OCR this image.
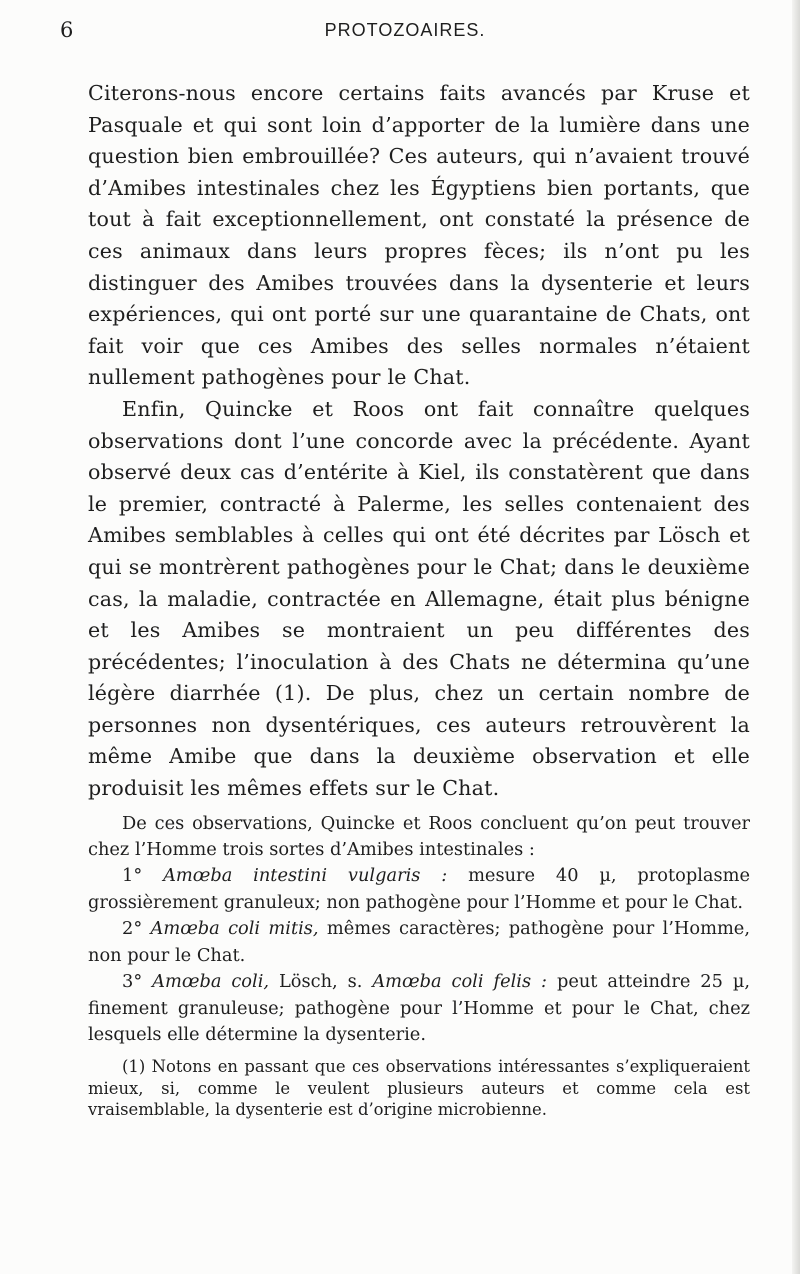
6	PROTOZOAIRES.

Citerons-nous encore certains faits avancés par Kruse et Pasquale et qui sont loin d’apporter de la lumière dans une question bien embrouillée? Ces auteurs, qui n’avaient trouvé d’Amibes intestinales chez les Égyptiens bien portants, que tout à fait exceptionnellement, ont constaté la présence de ces animaux dans leurs propres fèces; ils n’ont pu les distinguer des Amibes trouvées dans la dysenterie et leurs expériences, qui ont porté sur une quarantaine de Chats, ont fait voir que ces Amibes des selles normales n’étaient nullement pathogènes pour le Chat.

Enfin, Quincke et Roos ont fait connaître quelques observations dont l’une concorde avec la précédente. Ayant observé deux cas d’entérite à Kiel, ils constatèrent que dans le premier, contracté à Palerme, les selles contenaient des Amibes semblables à celles qui ont été décrites par Lösch et qui se montrèrent pathogènes pour le Chat; dans le deuxième cas, la maladie, contractée en Allemagne, était plus bénigne et les Amibes se montraient un peu différentes des précédentes; l’inoculation à des Chats ne détermina qu’une légère diarrhée (1). De plus, chez un certain nombre de personnes non dysentériques, ces auteurs retrouvèrent la même Amibe que dans la deuxième observation et elle produisit les mêmes effets sur le Chat.

De ces observations, Quincke et Roos concluent qu’on peut trouver chez l’Homme trois sortes d’Amibes intestinales :

1° Amœba intestini vulgaris : mesure 40 µ, protoplasme grossièrement granuleux; non pathogène pour l’Homme et pour le Chat.

2° Amœba coli mitis, mêmes caractères; pathogène pour l’Homme, non pour le Chat.

3° Amœba coli, Lösch, s. Amœba coli felis : peut atteindre 25 µ, finement granuleuse; pathogène pour l’Homme et pour le Chat, chez lesquels elle détermine la dysenterie.

(1) Notons en passant que ces observations intéressantes s’expliqueraient mieux, si, comme le veulent plusieurs auteurs et comme cela est vraisemblable, la dysenterie est d’origine microbienne.
